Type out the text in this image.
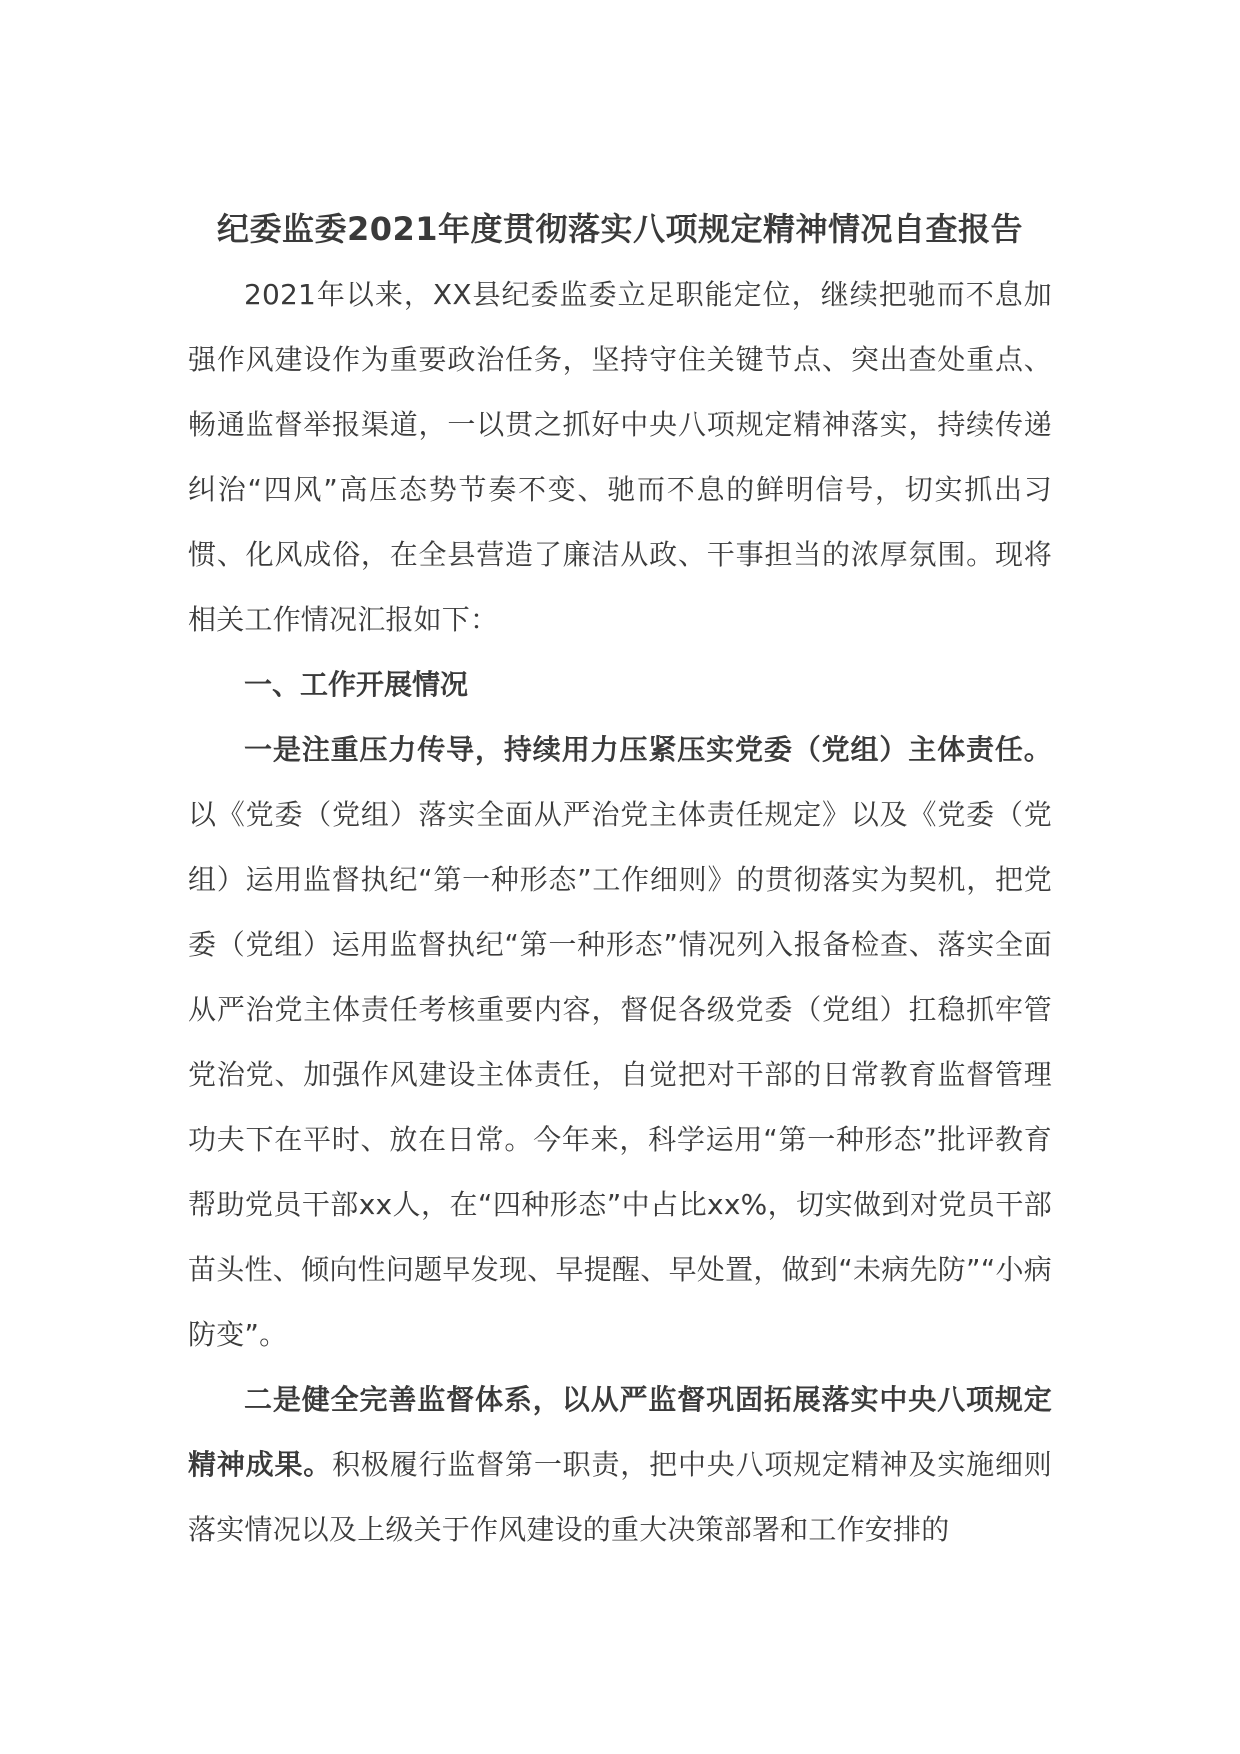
纪委监委2021年度贯彻落实八项规定精神情况自查报告

2021年以来，XX县纪委监委立足职能定位，继续把驰而不息加强作风建设作为重要政治任务，坚持守住关键节点、突出查处重点、畅通监督举报渠道，一以贯之抓好中央八项规定精神落实，持续传递纠治“四风”高压态势节奏不变、驰而不息的鲜明信号，切实抓出习惯、化风成俗，在全县营造了廉洁从政、干事担当的浓厚氛围。现将相关工作情况汇报如下：

一、工作开展情况

一是注重压力传导，持续用力压紧压实党委（党组）主体责任。以《党委（党组）落实全面从严治党主体责任规定》以及《党委（党组）运用监督执纪“第一种形态”工作细则》的贯彻落实为契机，把党委（党组）运用监督执纪“第一种形态”情况列入报备检查、落实全面从严治党主体责任考核重要内容，督促各级党委（党组）扛稳抓牢管党治党、加强作风建设主体责任，自觉把对干部的日常教育监督管理功夫下在平时、放在日常。今年来，科学运用“第一种形态”批评教育帮助党员干部xx人，在“四种形态”中占比xx%，切实做到对党员干部苗头性、倾向性问题早发现、早提醒、早处置，做到“未病先防”“小病防变”。

二是健全完善监督体系，以从严监督巩固拓展落实中央八项规定精神成果。积极履行监督第一职责，把中央八项规定精神及实施细则落实情况以及上级关于作风建设的重大决策部署和工作安排的
